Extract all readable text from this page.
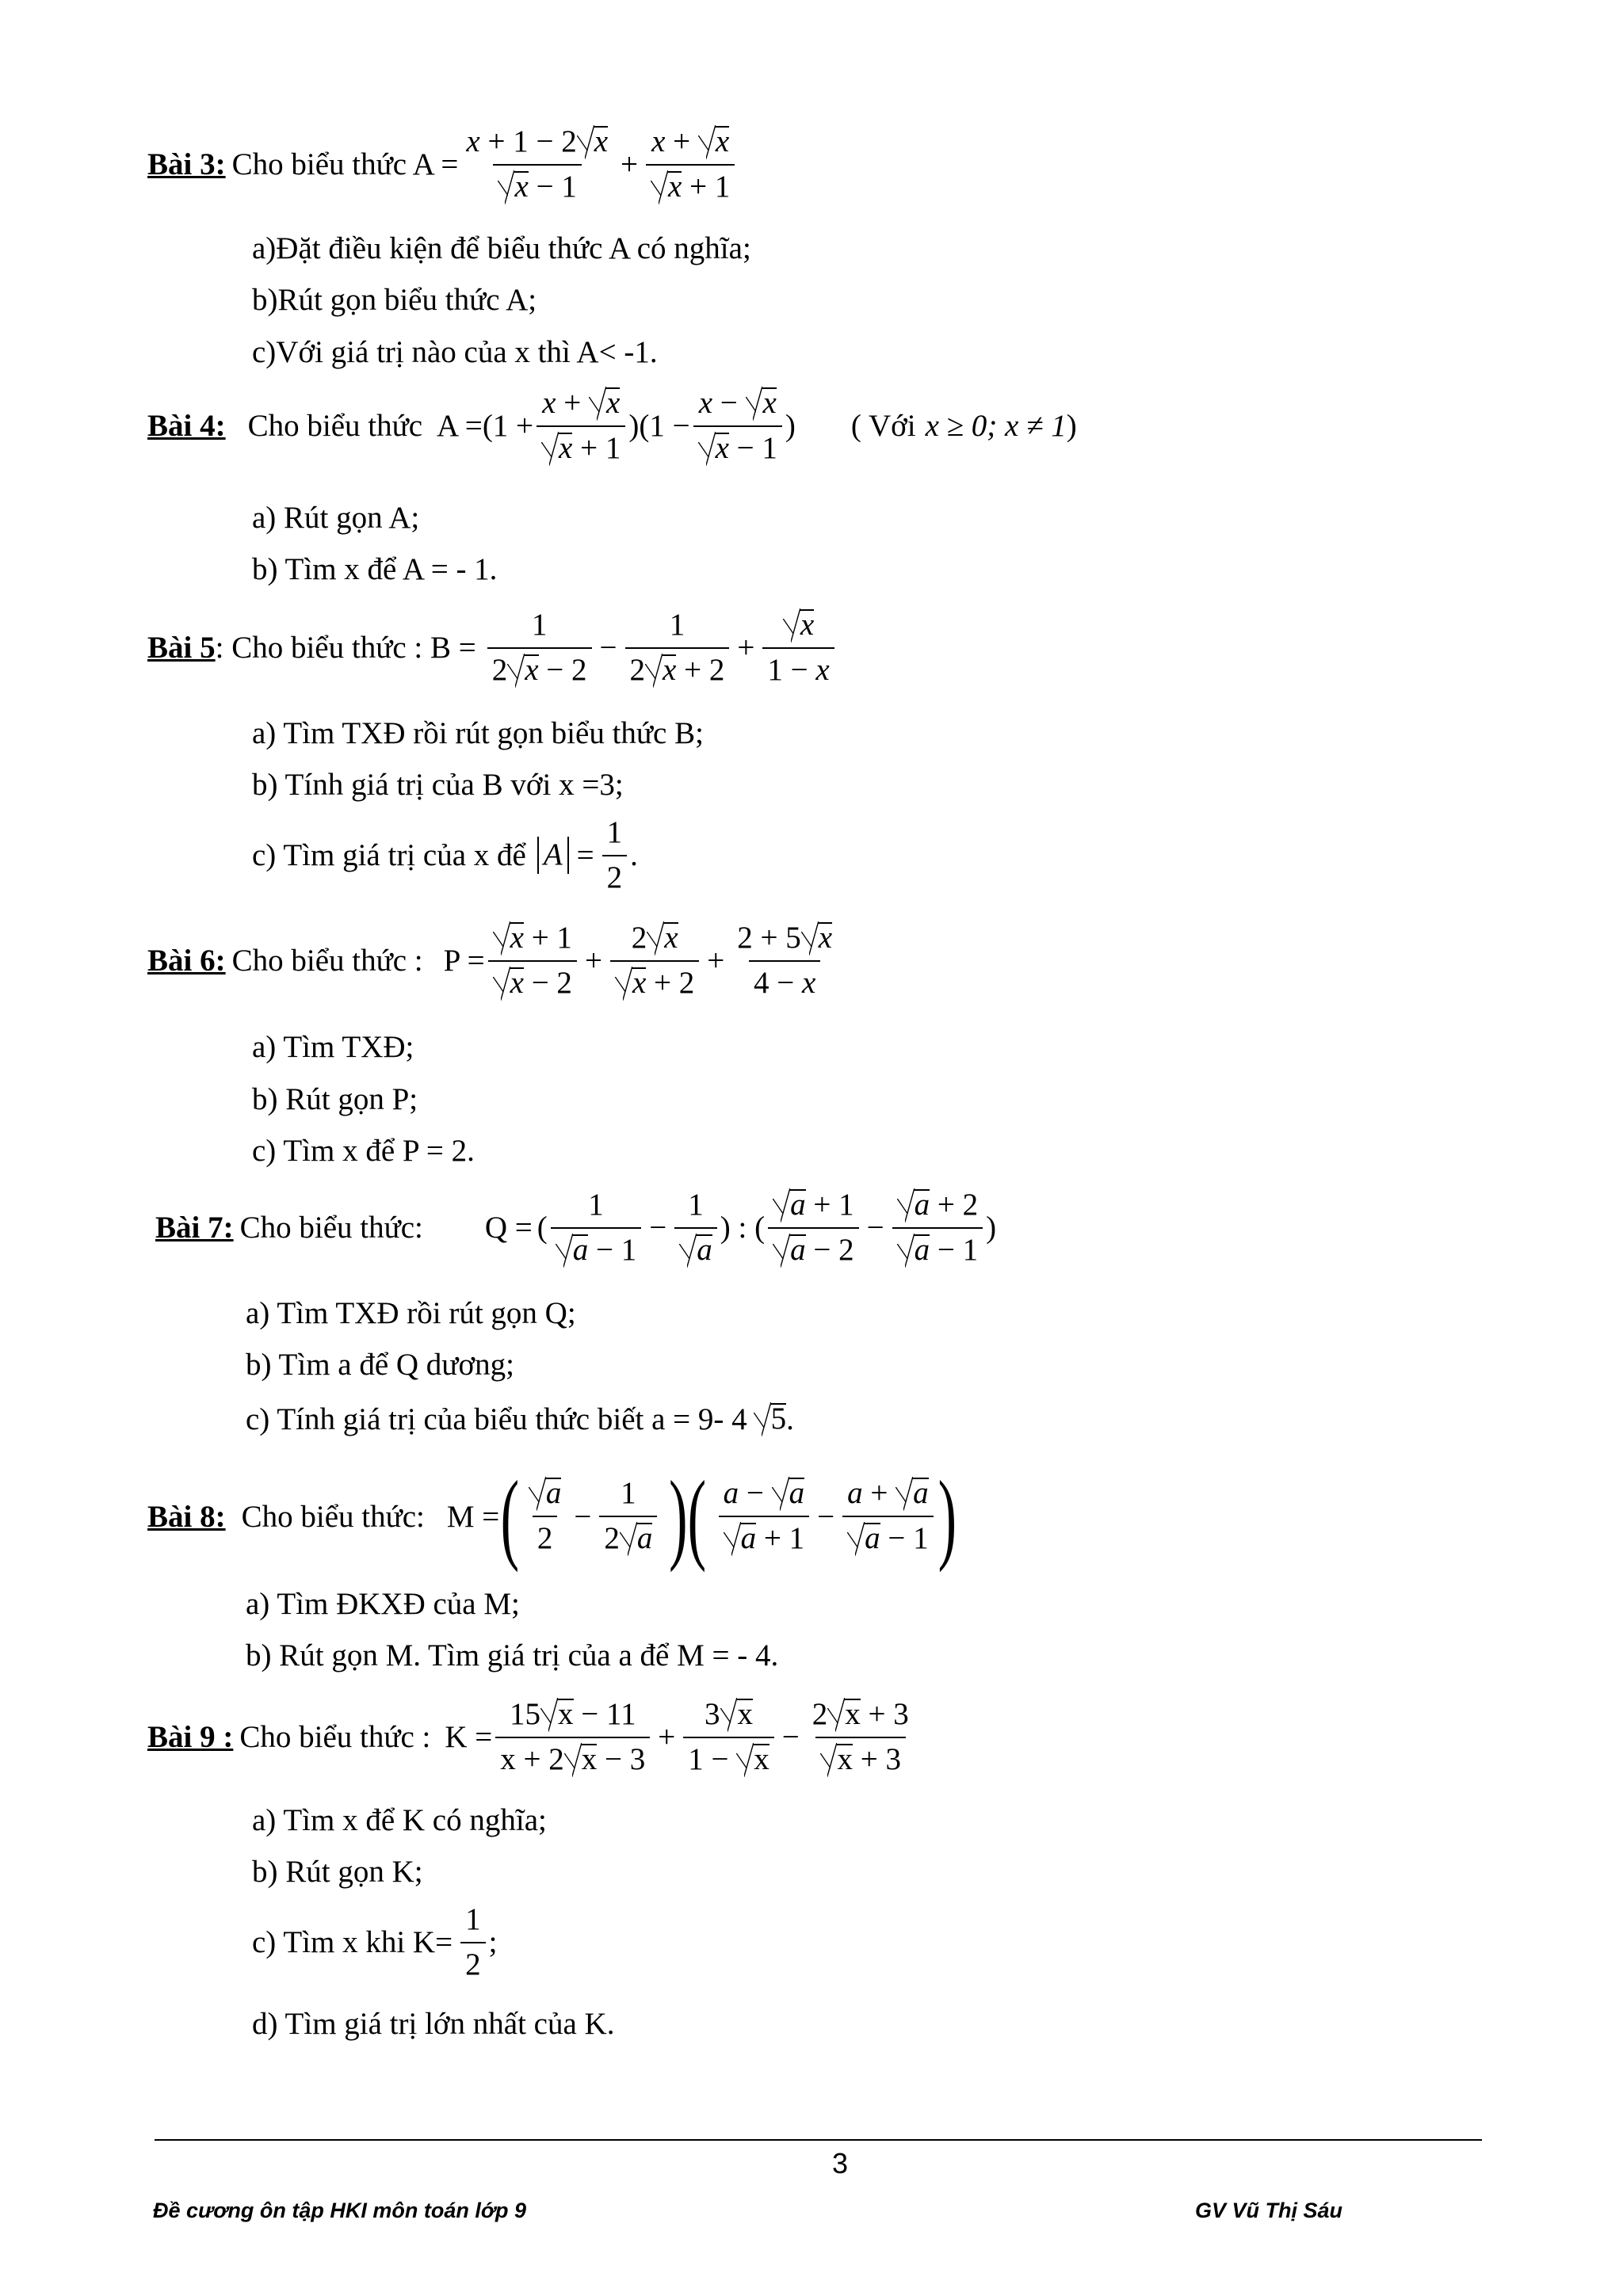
Bài 3: Cho biểu thức $A = \frac{x + 1 - 2 x}{x - 1} + \frac{x + x}{x + 1}$
a)Đặt điều kiện để biểu thức A có nghĩa;
b)Rút gọn biểu thức A;
c)Với giá trị nào của x thì A< -1.
Bài 4: Cho biểu thức $A = (1 + \frac{x + x}{x + 1} )(1 - \frac{x - x}{x - 1}$ ) ( Với x ≥ 0; x ≠ 1 )
a) Rút gọn A;
b) Tìm x để A = - 1.
Bài 5 : Cho biểu thức : $B = \frac{1}{2 x - 2} - \frac{1}{2 x + 2} + \frac{x}{1 - x}$
a) Tìm TXĐ rồi rút gọn biểu thức B;
b) Tính giá trị của B với x =3;
c) Tìm giá trị của x để $A = \frac{1}{2}$ .
Bài 6: Cho biểu thức : $P = \frac{x + 1}{x - 2} + \frac{2 x}{x + 2} + \frac{2 + 5 x}{4 - x}$
a) Tìm TXĐ;
b) Rút gọn P;
c) Tìm x để P = 2.
Bài 7: Cho biểu thức: Q = ( $\frac{1}{a - 1} - \frac{1}{a}$ ) : ( $\frac{a + 1}{a - 2} - \frac{a + 2}{a - 1}$ )
a) Tìm TXĐ rồi rút gọn Q;
b) Tìm a để Q dương;
c) Tính giá trị của biểu thức biết a = 9- 4 5 .
Bài 8: Cho biểu thức: M = ( $\frac{a}{2} - \frac{1}{2 a}$ )( $\frac{a - a}{a + 1} - \frac{a + a}{a - 1}$ )
a) Tìm ĐKXĐ của M;
b) Rút gọn M. Tìm giá trị của a để M = - 4.
Bài 9 : Cho biểu thức : $K = \frac{15 x - 11}{x + 2 x - 3} + \frac{3 x}{1 - x} - \frac{2 x + 3}{x + 3}$
a) Tìm x để K có nghĩa;
b) Rút gọn K;
c) Tìm x khi $K= \frac{1}{2}$ ;
d) Tìm giá trị lớn nhất của K.
3
Đề cương ôn tập HKI môn toán lớp 9	GV Vũ Thị Sáu
